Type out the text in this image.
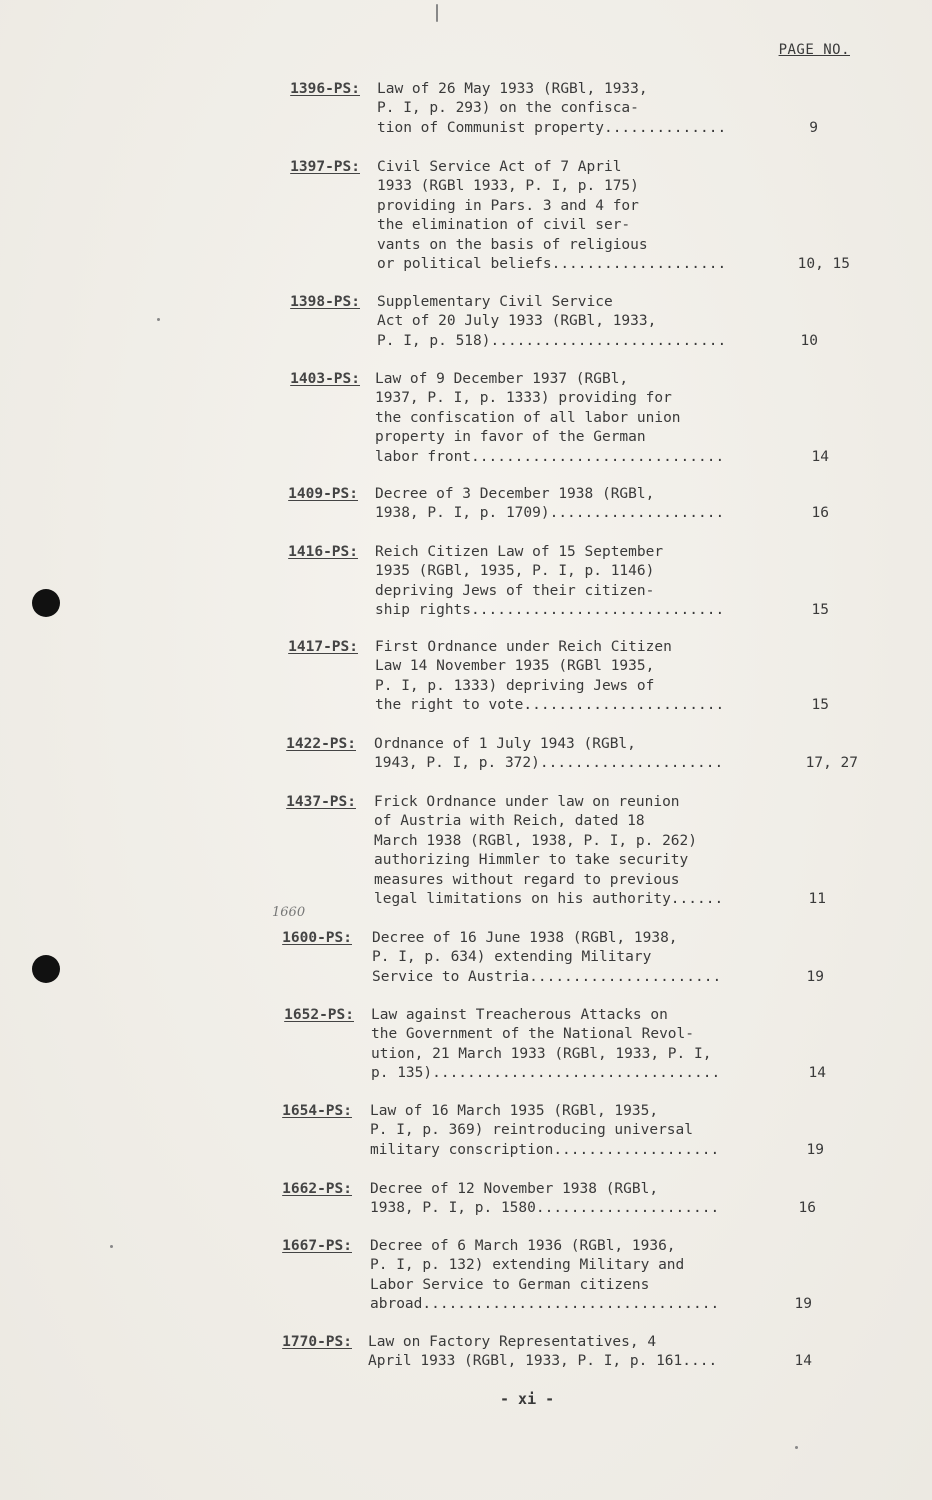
PAGE NO.
1396-PS: Law of 26 May 1933 (RGBl, 1933,
P. I, p. 293) on the confisca-
tion of Communist property..............	9
1397-PS: Civil Service Act of 7 April
1933 (RGBl 1933, P. I, p. 175)
providing in Pars. 3 and 4 for
the elimination of civil ser-
vants on the basis of religious
or political beliefs....................	10, 15
1398-PS: Supplementary Civil Service
Act of 20 July 1933 (RGBl, 1933,
P. I, p. 518)...........................	10
1403-PS: Law of 9 December 1937 (RGBl,
1937, P. I, p. 1333) providing for
the confiscation of all labor union
property in favor of the German
labor front.............................	14
1409-PS: Decree of 3 December 1938 (RGBl,
1938, P. I, p. 1709)....................	16
1416-PS: Reich Citizen Law of 15 September
1935 (RGBl, 1935, P. I, p. 1146)
depriving Jews of their citizen-
ship rights.............................	15
1417-PS: First Ordnance under Reich Citizen
Law 14 November 1935 (RGBl 1935,
P. I, p. 1333) depriving Jews of
the right to vote.......................	15
1422-PS: Ordnance of 1 July 1943 (RGBl,
1943, P. I, p. 372).....................	17, 27
1437-PS: Frick Ordnance under law on reunion
of Austria with Reich, dated 18
March 1938 (RGBl, 1938, P. I, p. 262)
authorizing Himmler to take security
measures without regard to previous
legal limitations on his authority......	11
1600-PS:
1660
Decree of 16 June 1938 (RGBl, 1938,
P. I, p. 634) extending Military
Service to Austria......................	19
1652-PS: Law against Treacherous Attacks on
the Government of the National Revol-
ution, 21 March 1933 (RGBl, 1933, P. I,
p. 135).................................	14
1654-PS: Law of 16 March 1935 (RGBl, 1935,
P. I, p. 369) reintroducing universal
military conscription...................	19
1662-PS: Decree of 12 November 1938 (RGBl,
1938, P. I, p. 1580.....................	16
1667-PS: Decree of 6 March 1936 (RGBl, 1936,
P. I, p. 132) extending Military and
Labor Service to German citizens
abroad..................................	19
1770-PS: Law on Factory Representatives, 4
April 1933 (RGBl, 1933, P. I, p. 161....	14
- xi -
